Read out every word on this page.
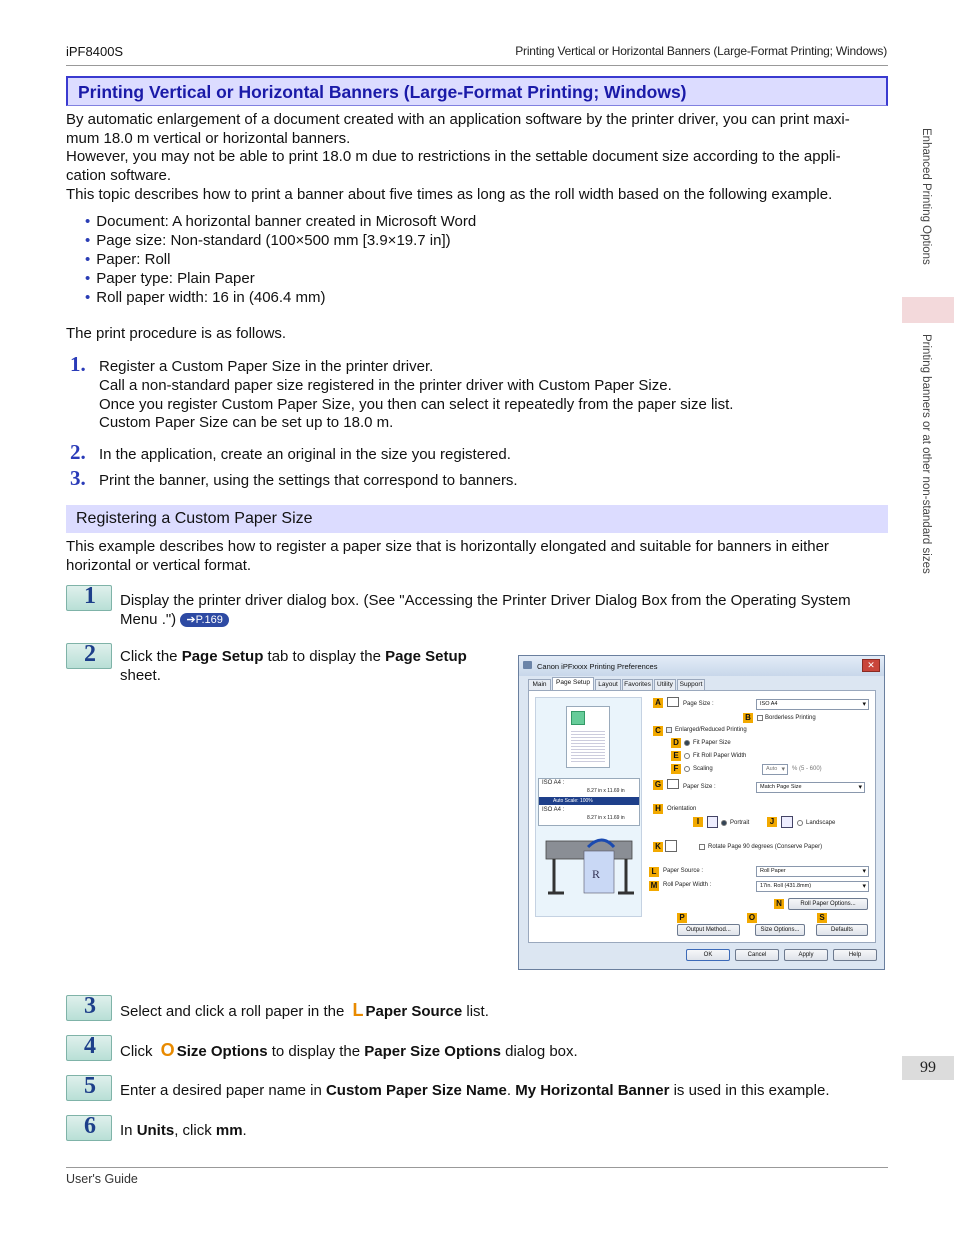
iPF8400S	Printing Vertical or Horizontal Banners (Large-Format Printing; Windows)
Enhanced Printing Options
Printing banners or at other non-standard sizes
99
Printing Vertical or Horizontal Banners (Large-Format Printing; Windows)
By automatic enlargement of a document created with an application software by the printer driver, you can print maxi-
mum 18.0 m vertical or horizontal banners.
However, you may not be able to print 18.0 m due to restrictions in the settable document size according to the appli-
cation software.
This topic describes how to print a banner about five times as long as the roll width based on the following example.
• Document: A horizontal banner created in Microsoft Word
• Page size: Non-standard (100×500 mm [3.9×19.7 in])
• Paper: Roll
• Paper type: Plain Paper
• Roll paper width: 16 in (406.4 mm)
The print procedure is as follows.
1. Register a Custom Paper Size in the printer driver.
Call a non-standard paper size registered in the printer driver with Custom Paper Size.
Once you register Custom Paper Size, you then can select it repeatedly from the paper size list.
Custom Paper Size can be set up to 18.0 m.
2. In the application, create an original in the size you registered.
3. Print the banner, using the settings that correspond to banners.
Registering a Custom Paper Size
This example describes how to register a paper size that is horizontally elongated and suitable for banners in either
horizontal or vertical format.
1	Display the printer driver dialog box. (See "Accessing the Printer Driver Dialog Box from the Operating System
Menu .") ➔P.169
2	Click the Page Setup tab to display the Page Setup
sheet.
Canon iPFxxxx Printing Preferences	✕
Main	Page Setup	Layout Favorites Utility	Support
ISO A4 :
8.27 in x 11.69 in
Auto Scale: 100%
ISO A4 :
8.27 in x 11.69 in
R
A	Page Size :	ISO A4 ▾
B	Borderless Printing
C	Enlarged/Reduced Printing
D	Fit Paper Size
E	Fit Roll Paper Width
F	Scaling	Auto ▾	% (5 - 600)
G	Paper Size :	Match Page Size ▾
H	Orientation
I	Portrait	J	Landscape
K	Rotate Page 90 degrees (Conserve Paper)
L	Paper Source :	Roll Paper ▾
M Roll Paper Width :	17in. Roll (431.8mm) ▾
N	Roll Paper Options...
P	O	S
Output Method...	Size Options...	Defaults
OK	Cancel	Apply	Help
3	Select and click a roll paper in the L Paper Source list.
4	Click O Size Options to display the Paper Size Options dialog box.
5	Enter a desired paper name in Custom Paper Size Name. My Horizontal Banner is used in this example.
6	In Units, click mm.
User's Guide
